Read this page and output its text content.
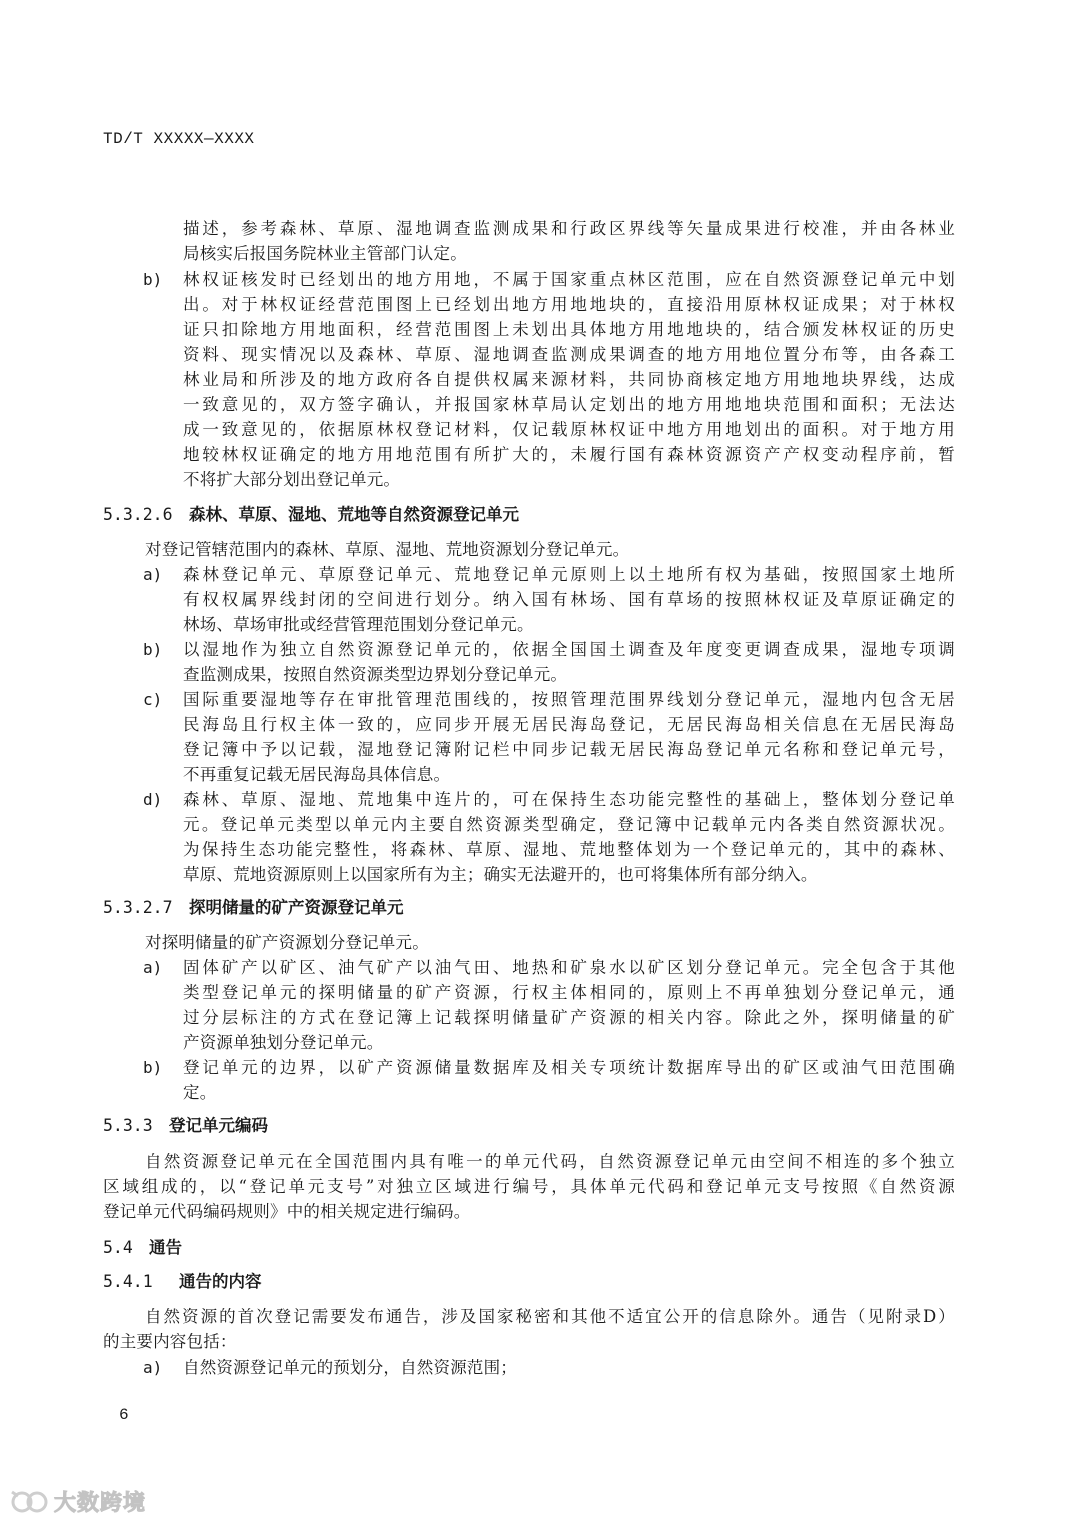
TD/T XXXXX—XXXX
描述，参考森林、草原、湿地调查监测成果和行政区界线等矢量成果进行校准，并由各林业
局核实后报国务院林业主管部门认定。
b) 林权证核发时已经划出的地方用地，不属于国家重点林区范围，应在自然资源登记单元中划
出。对于林权证经营范围图上已经划出地方用地地块的，直接沿用原林权证成果；对于林权
证只扣除地方用地面积，经营范围图上未划出具体地方用地地块的，结合颁发林权证的历史
资料、现实情况以及森林、草原、湿地调查监测成果调查的地方用地位置分布等，由各森工
林业局和所涉及的地方政府各自提供权属来源材料，共同协商核定地方用地地块界线，达成
一致意见的，双方签字确认，并报国家林草局认定划出的地方用地地块范围和面积；无法达
成一致意见的，依据原林权登记材料，仅记载原林权证中地方用地划出的面积。对于地方用
地较林权证确定的地方用地范围有所扩大的，未履行国有森林资源资产产权变动程序前，暂
不将扩大部分划出登记单元。
5.3.2.6 森林、草原、湿地、荒地等自然资源登记单元
对登记管辖范围内的森林、草原、湿地、荒地资源划分登记单元。
a) 森林登记单元、草原登记单元、荒地登记单元原则上以土地所有权为基础，按照国家土地所
有权权属界线封闭的空间进行划分。纳入国有林场、国有草场的按照林权证及草原证确定的
林场、草场审批或经营管理范围划分登记单元。
b) 以湿地作为独立自然资源登记单元的，依据全国国土调查及年度变更调查成果，湿地专项调
查监测成果，按照自然资源类型边界划分登记单元。
c) 国际重要湿地等存在审批管理范围线的，按照管理范围界线划分登记单元，湿地内包含无居
民海岛且行权主体一致的，应同步开展无居民海岛登记，无居民海岛相关信息在无居民海岛
登记簿中予以记载，湿地登记簿附记栏中同步记载无居民海岛登记单元名称和登记单元号，
不再重复记载无居民海岛具体信息。
d) 森林、草原、湿地、荒地集中连片的，可在保持生态功能完整性的基础上，整体划分登记单
元。登记单元类型以单元内主要自然资源类型确定，登记簿中记载单元内各类自然资源状况。
为保持生态功能完整性，将森林、草原、湿地、荒地整体划为一个登记单元的，其中的森林、
草原、荒地资源原则上以国家所有为主；确实无法避开的，也可将集体所有部分纳入。
5.3.2.7 探明储量的矿产资源登记单元
对探明储量的矿产资源划分登记单元。
a) 固体矿产以矿区、油气矿产以油气田、地热和矿泉水以矿区划分登记单元。完全包含于其他
类型登记单元的探明储量的矿产资源，行权主体相同的，原则上不再单独划分登记单元，通
过分层标注的方式在登记簿上记载探明储量矿产资源的相关内容。除此之外，探明储量的矿
产资源单独划分登记单元。
b) 登记单元的边界，以矿产资源储量数据库及相关专项统计数据库导出的矿区或油气田范围确
定。
5.3.3 登记单元编码
自然资源登记单元在全国范围内具有唯一的单元代码，自然资源登记单元由空间不相连的多个独立
区域组成的，以“登记单元支号”对独立区域进行编号，具体单元代码和登记单元支号按照《自然资源
登记单元代码编码规则》中的相关规定进行编码。
5.4 通告
5.4.1 通告的内容
自然资源的首次登记需要发布通告，涉及国家秘密和其他不适宜公开的信息除外。通告（见附录D）
的主要内容包括：
a) 自然资源登记单元的预划分，自然资源范围；
6
大数跨境
